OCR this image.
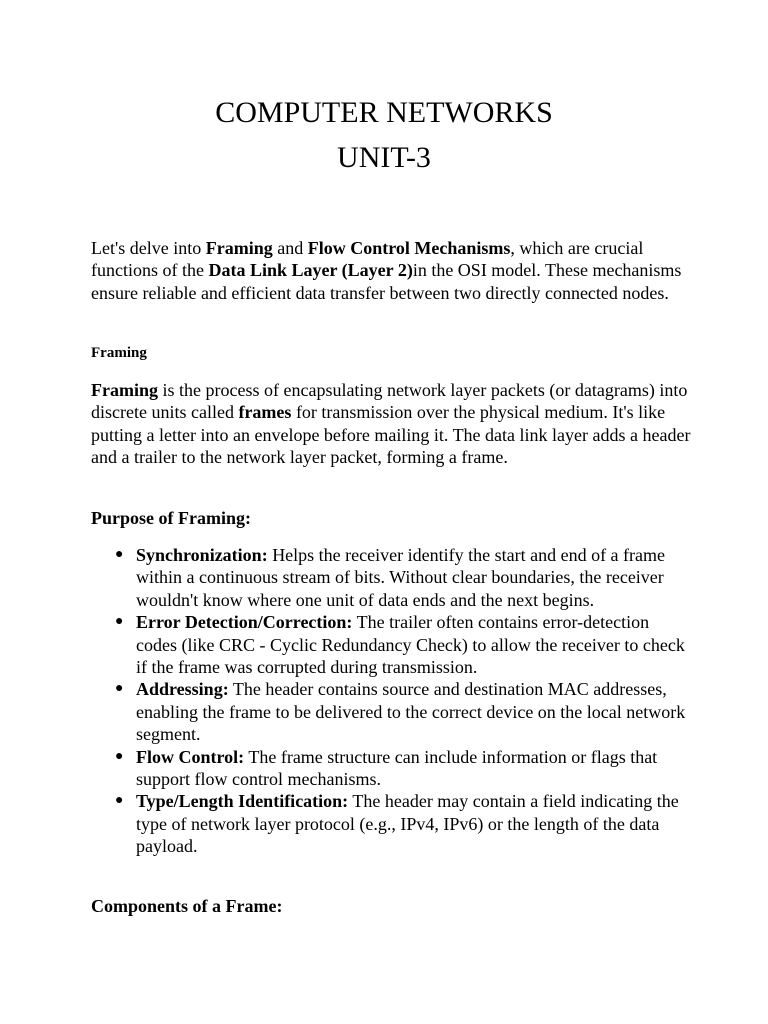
COMPUTER NETWORKS
UNIT-3

Let's delve into Framing and Flow Control Mechanisms, which are crucial functions of the Data Link Layer (Layer 2)in the OSI model. These mechanisms ensure reliable and efficient data transfer between two directly connected nodes.

Framing

Framing is the process of encapsulating network layer packets (or datagrams) into discrete units called frames for transmission over the physical medium. It's like putting a letter into an envelope before mailing it. The data link layer adds a header and a trailer to the network layer packet, forming a frame.

Purpose of Framing:
● Synchronization: Helps the receiver identify the start and end of a frame within a continuous stream of bits. Without clear boundaries, the receiver wouldn't know where one unit of data ends and the next begins.
● Error Detection/Correction: The trailer often contains error-detection codes (like CRC - Cyclic Redundancy Check) to allow the receiver to check if the frame was corrupted during transmission.
● Addressing: The header contains source and destination MAC addresses, enabling the frame to be delivered to the correct device on the local network segment.
● Flow Control: The frame structure can include information or flags that support flow control mechanisms.
● Type/Length Identification: The header may contain a field indicating the type of network layer protocol (e.g., IPv4, IPv6) or the length of the data payload.
Components of a Frame:
